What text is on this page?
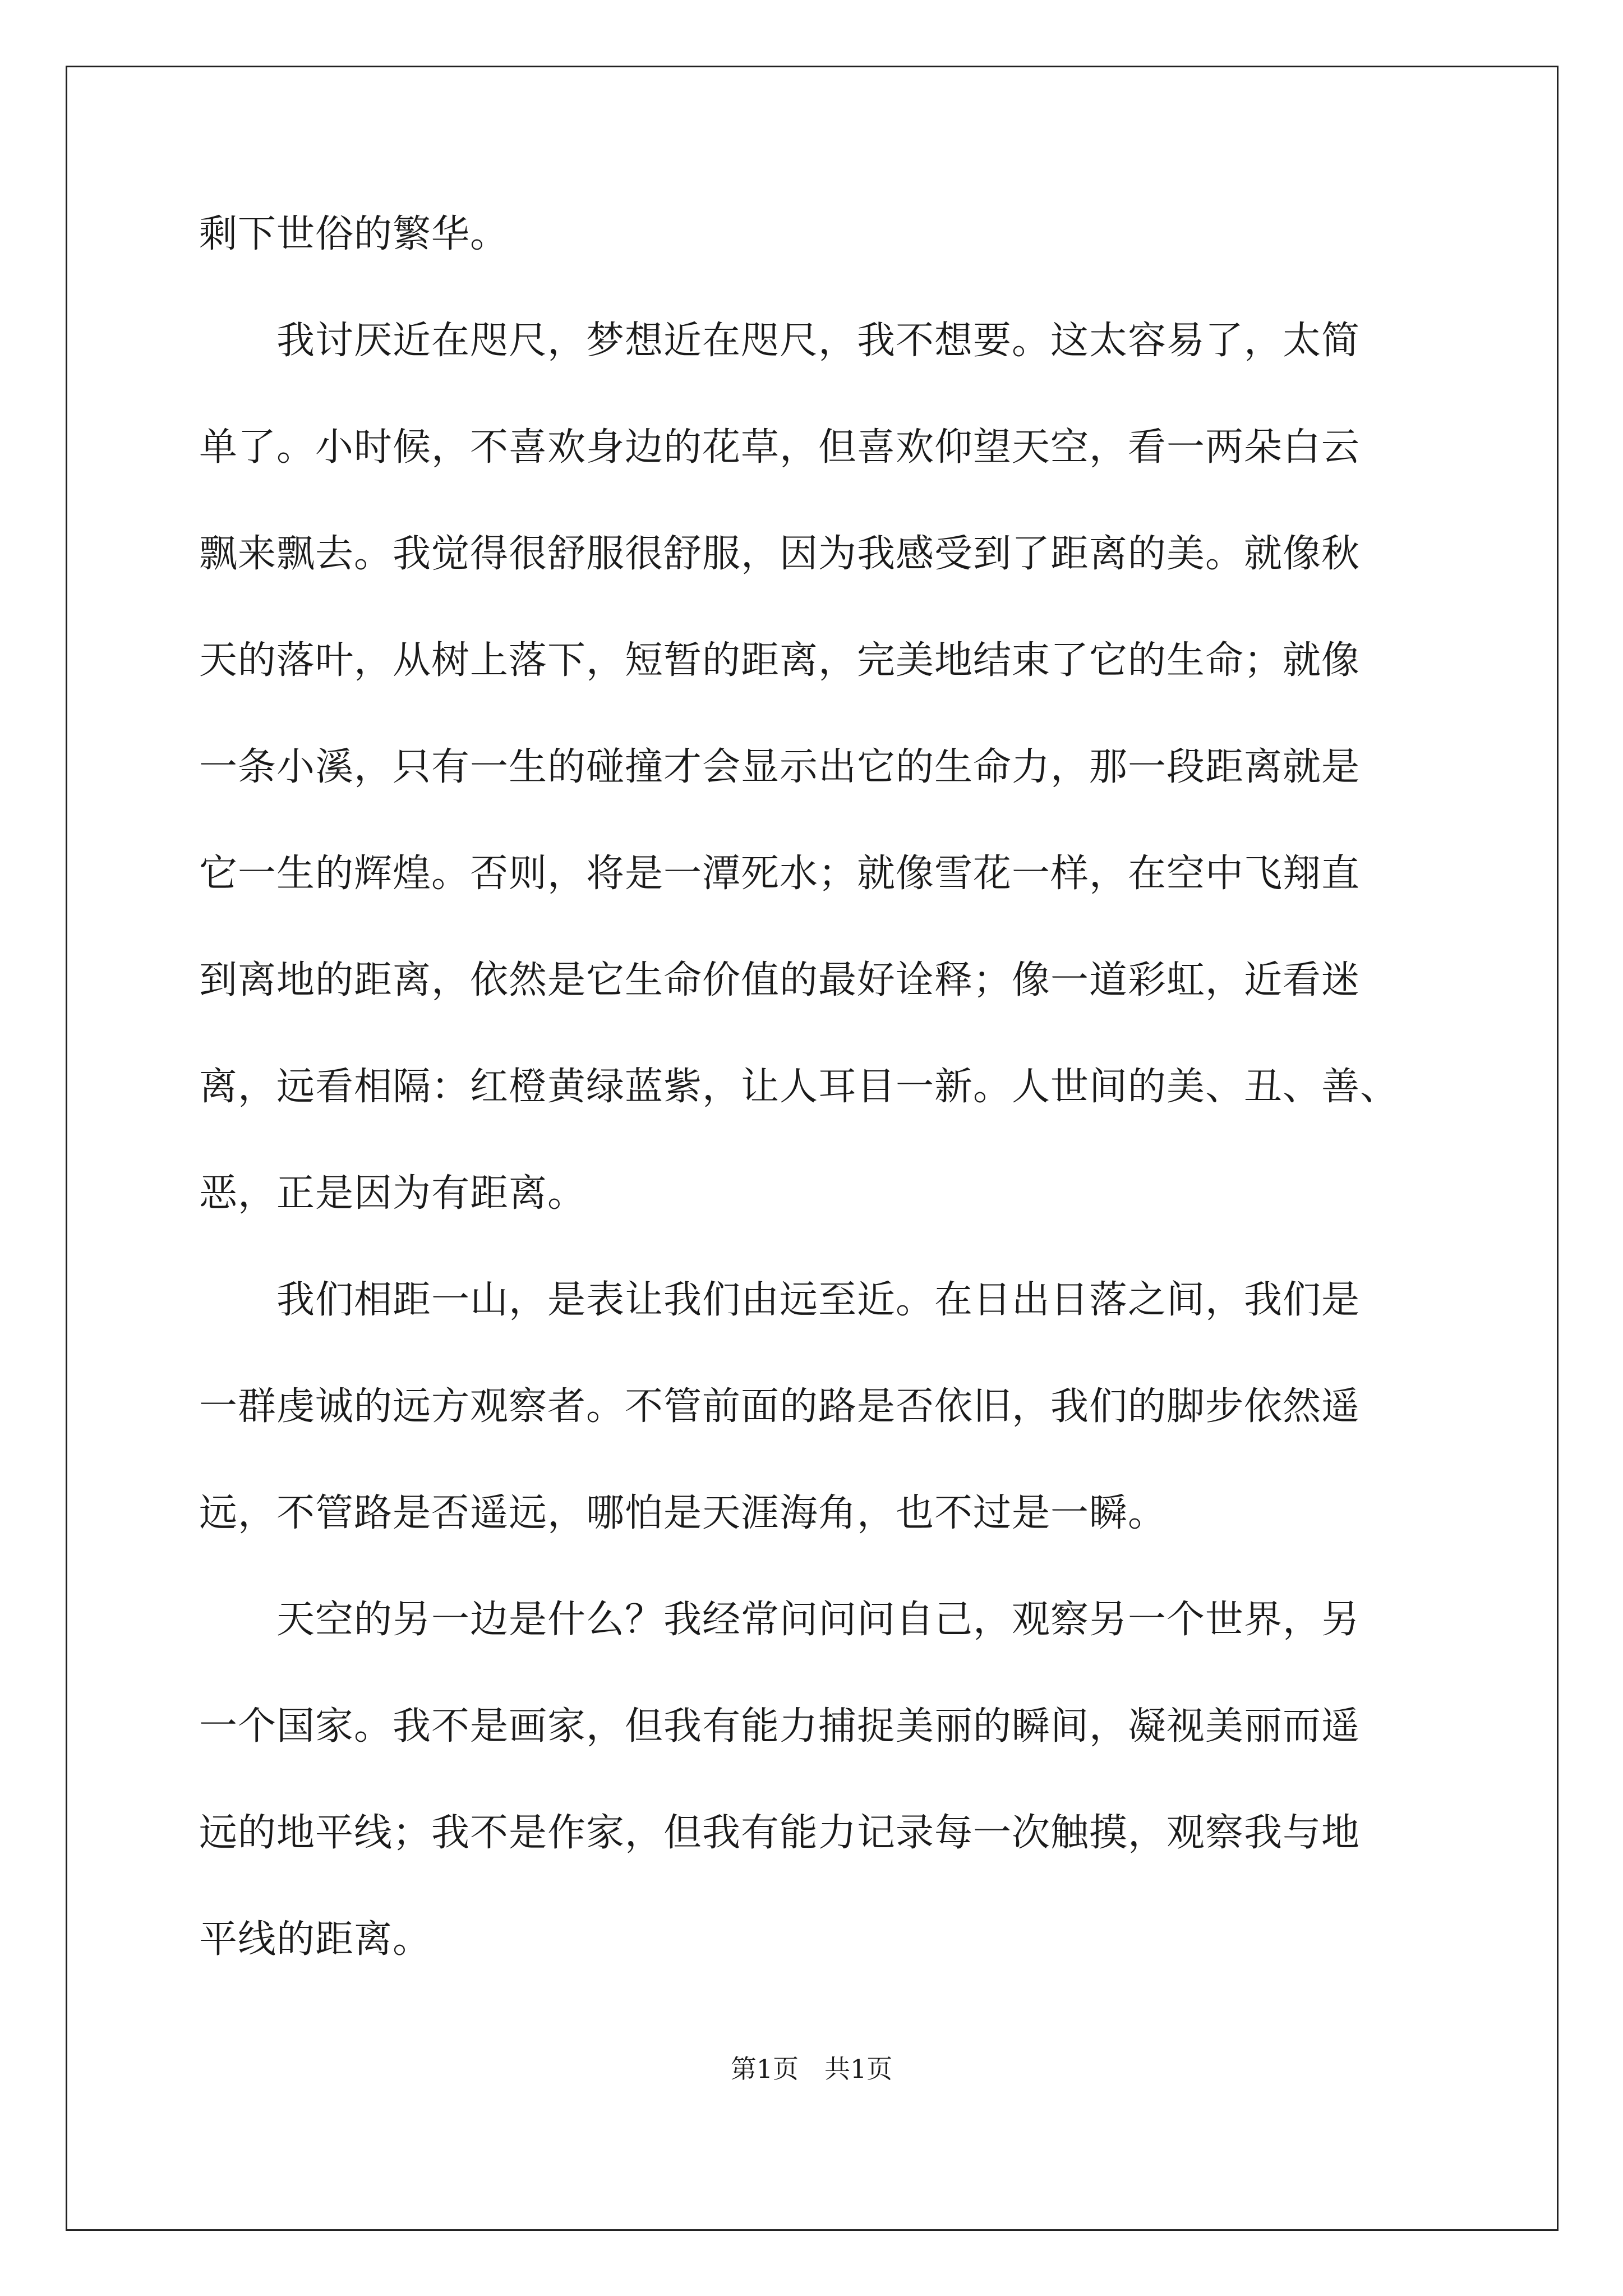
剩下世俗的繁华。
　　我讨厌近在咫尺，梦想近在咫尺，我不想要。这太容易了，太简
单了。小时候，不喜欢身边的花草，但喜欢仰望天空，看一两朵白云
飘来飘去。我觉得很舒服很舒服，因为我感受到了距离的美。就像秋
天的落叶，从树上落下，短暂的距离，完美地结束了它的生命；就像
一条小溪，只有一生的碰撞才会显示出它的生命力，那一段距离就是
它一生的辉煌。否则，将是一潭死水；就像雪花一样，在空中飞翔直
到离地的距离，依然是它生命价值的最好诠释；像一道彩虹，近看迷
离，远看相隔：红橙黄绿蓝紫，让人耳目一新。人世间的美、丑、善、
恶，正是因为有距离。
　　我们相距一山，是表让我们由远至近。在日出日落之间，我们是
一群虔诚的远方观察者。不管前面的路是否依旧，我们的脚步依然遥
远，不管路是否遥远，哪怕是天涯海角，也不过是一瞬。
　　天空的另一边是什么？我经常问问问自己，观察另一个世界，另
一个国家。我不是画家，但我有能力捕捉美丽的瞬间，凝视美丽而遥
远的地平线；我不是作家，但我有能力记录每一次触摸，观察我与地
平线的距离。
第1页　共1页
